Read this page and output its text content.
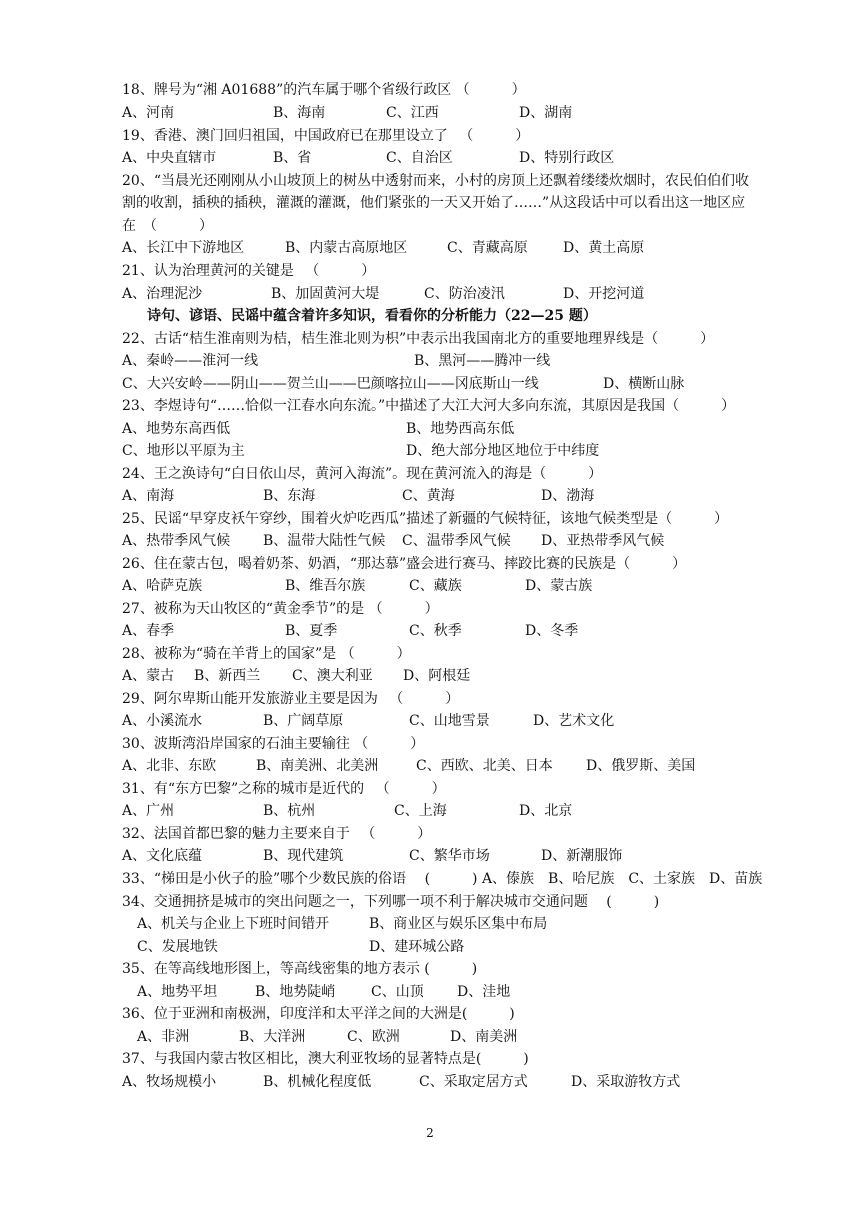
18、牌号为“湘 A01688”的汽车属于哪个省级行政区 （　　　）
A、河南	B、海南	C、江西	D、湖南
19、香港、澳门回归祖国，中国政府已在那里设立了 　（　　　）
A、中央直辖市	B、省	C、自治区	D、特别行政区
20、“当晨光还刚刚从小山坡顶上的树丛中透射而来，小村的房顶上还飘着缕缕炊烟时，农民伯伯们收
割的收割，插秧的插秧，灌溉的灌溉，他们紧张的一天又开始了……”从这段话中可以看出这一地区应
在　（　　　）
A、长江中下游地区	B、内蒙古高原地区	C、青藏高原	D、黄土高原
21、认为治理黄河的关键是 　（　　　）
A、治理泥沙	B、加固黄河大堤	C、防治凌汛	D、开挖河道
诗句、谚语、民谣中蕴含着许多知识，看看你的分析能力（22—25 题）
22、古话“桔生淮南则为桔，桔生淮北则为枳”中表示出我国南北方的重要地理界线是（　　　）
A、秦岭——淮河一线	B、黑河——腾冲一线
C、大兴安岭——阴山——贺兰山——巴颜喀拉山——冈底斯山一线	D、横断山脉
23、李煜诗句“……恰似一江春水向东流。”中描述了大江大河大多向东流，其原因是我国（　　　）
A、地势东高西低	B、地势西高东低
C、地形以平原为主	D、绝大部分地区地位于中纬度
24、王之涣诗句“白日依山尽，黄河入海流”。现在黄河流入的海是（　　　）
A、南海	B、东海	C、黄海	D、渤海
25、民谣“早穿皮袄午穿纱，围着火炉吃西瓜”描述了新疆的气候特征，该地气候类型是（　　　）
A、热带季风气候 B、温带大陆性气候 C、温带季风气候 D、亚热带季风气候
26、住在蒙古包，喝着奶茶、奶酒，“那达慕”盛会进行赛马、摔跤比赛的民族是（　　　）
A、哈萨克族	B、维吾尔族	C、藏族	D、蒙古族
27、被称为天山牧区的“黄金季节”的是 （　　　）
A、春季	B、夏季	C、秋季	D、冬季
28、被称为“骑在羊背上的国家”是 （　　　）
A、蒙古 B、新西兰 C、澳大利亚 D、阿根廷
29、阿尔卑斯山能开发旅游业主要是因为 　（　　　）
A、小溪流水	B、广阔草原	C、山地雪景	D、艺术文化
30、波斯湾沿岸国家的石油主要输往 （　　　）
A、北非、东欧	B、南美洲、北美洲	C、西欧、北美、日本 D、俄罗斯、美国
31、有“东方巴黎”之称的城市是近代的 　（　　　）
A、广州	B、杭州	C、上海	D、北京
32、法国首都巴黎的魅力主要来自于 　（　　　）
A、文化底蕴	B、现代建筑	C、繁华市场	D、新潮服饰
33、“梯田是小伙子的脸”哪个少数民族的俗语 　(　　　) A、傣族　B、哈尼族　C、土家族　D、苗族
34、交通拥挤是城市的突出问题之一，下列哪一项不利于解决城市交通问题 　(　　　)
A、机关与企业上下班时间错开	B、商业区与娱乐区集中布局
C、发展地铁	D、建环城公路
35、在等高线地形图上，等高线密集的地方表示 (　　　)
A、地势平坦	B、地势陡峭	C、山顶 D、洼地
36、位于亚洲和南极洲，印度洋和太平洋之间的大洲是(　　　)
A、非洲	B、大洋洲	C、欧洲	D、南美洲
37、与我国内蒙古牧区相比，澳大利亚牧场的显著特点是(　　　)
A、牧场规模小	B、机械化程度低	C、采取定居方式	D、采取游牧方式
2
